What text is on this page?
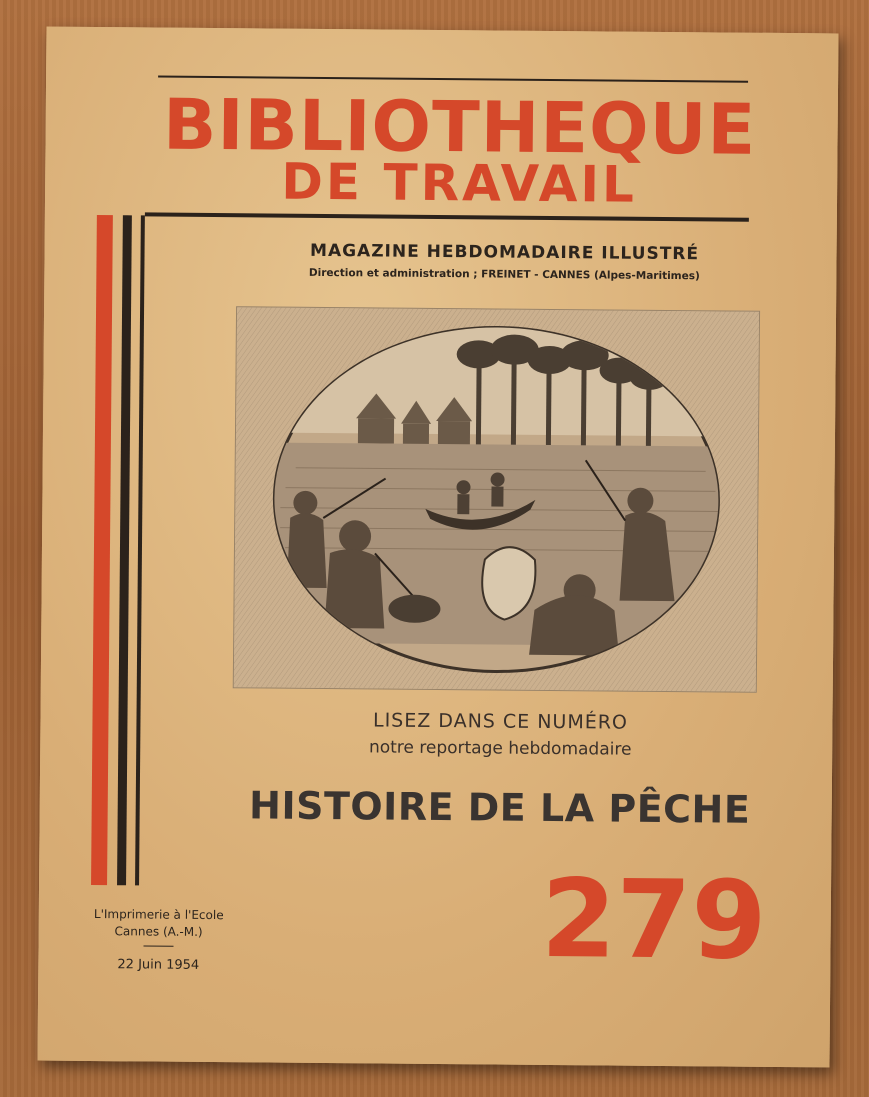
BIBLIOTHEQUE
DE TRAVAIL
MAGAZINE HEBDOMADAIRE ILLUSTRÉ
Direction et administration ; FREINET - CANNES (Alpes-Maritimes)
LISEZ DANS CE NUMÉRO
notre reportage hebdomadaire
HISTOIRE DE LA PÊCHE
L'Imprimerie à l'Ecole
Cannes (A.-M.)
22 Juin 1954	279
